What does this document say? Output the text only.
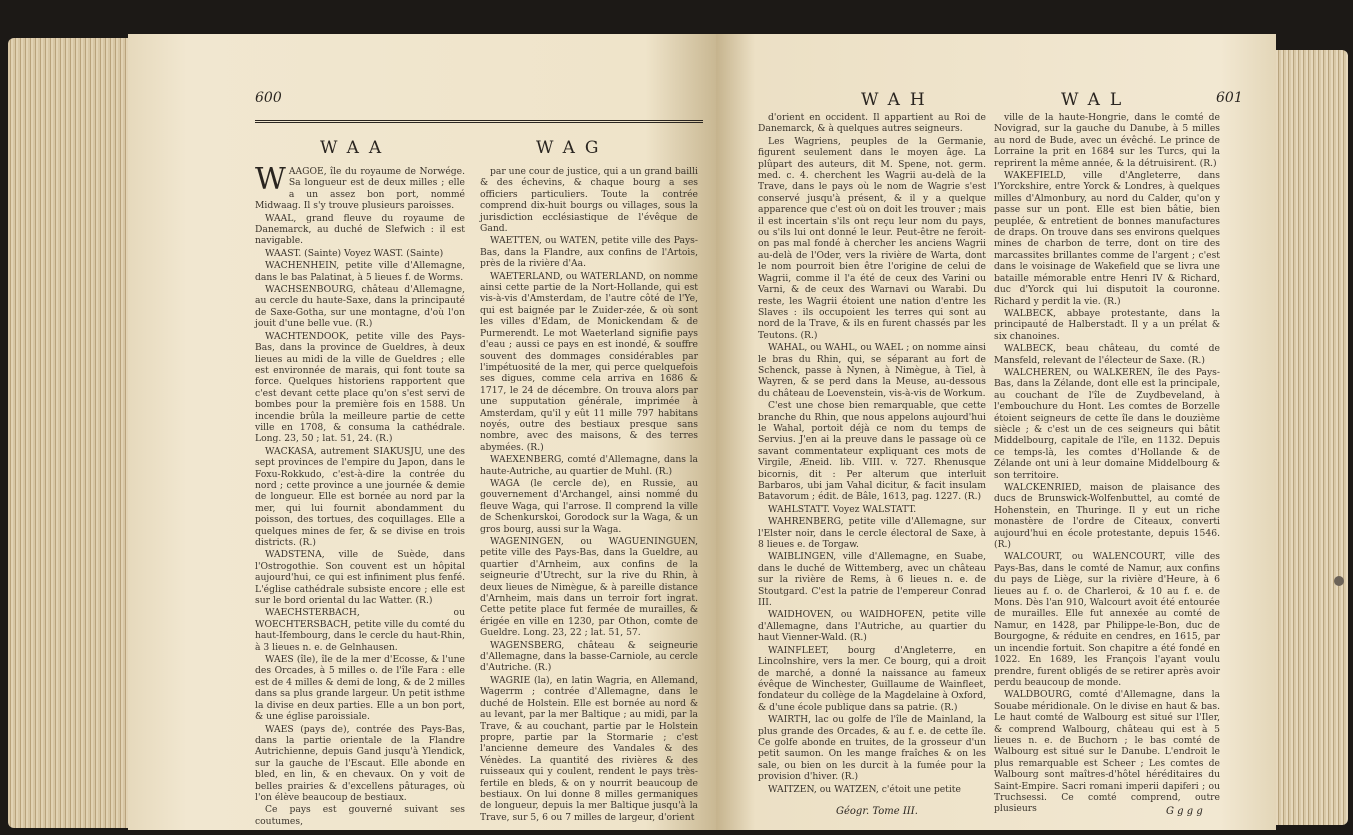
600
WAA	WAG
W AAGOE, île du royaume de Norwége. Sa longueur est de deux milles ; elle a un assez bon port, nommé Midwaag. Il s'y trouve plusieurs paroisses.

WAAL, grand fleuve du royaume de Danemarck, au duché de Slefwich : il est navigable.

WAAST. (Sainte) Voyez WAST. (Sainte)

WACHENHEIN, petite ville d'Allemagne, dans le bas Palatinat, à 5 lieues f. de Worms.

WACHSENBOURG, château d'Allemagne, au cercle du haute-Saxe, dans la principauté de Saxe-Gotha, sur une montagne, d'où l'on jouit d'une belle vue. (R.)

WACHTENDOOK, petite ville des Pays-Bas, dans la province de Gueldres, à deux lieues au midi de la ville de Gueldres ; elle est environnée de marais, qui font toute sa force. Quelques historiens rapportent que c'est devant cette place qu'on s'est servi de bombes pour la première fois en 1588. Un incendie brûla la meilleure partie de cette ville en 1708, & consuma la cathédrale. Long. 23, 50 ; lat. 51, 24. (R.)

WACKASA, autrement SIAKUSJU, une des sept provinces de l'empire du Japon, dans le Foxu-Rokkudo, c'est-à-dire la contrée du nord ; cette province a une journée & demie de longueur. Elle est bornée au nord par la mer, qui lui fournit abondamment du poisson, des tortues, des coquillages. Elle a quelques mines de fer, & se divise en trois districts. (R.)

WADSTENA, ville de Suède, dans l'Ostrogothie. Son couvent est un hôpital aujourd'hui, ce qui est infiniment plus fenfé. L'église cathédrale subsiste encore ; elle est sur le bord oriental du lac Watter. (R.)

WAECHSTERBACH, ou WOECHTERSBACH, petite ville du comté du haut-Ifembourg, dans le cercle du haut-Rhin, à 3 lieues n. e. de Gelnhausen.

WAES (île), île de la mer d'Ecosse, & l'une des Orcades, à 5 milles o. de l'île Fara : elle est de 4 milles & demi de long, & de 2 milles dans sa plus grande largeur. Un petit isthme la divise en deux parties. Elle a un bon port, & une église paroissiale.

WAES (pays de), contrée des Pays-Bas, dans la partie orientale de la Flandre Autrichienne, depuis Gand jusqu'à Ylendick, sur la gauche de l'Escaut. Elle abonde en bled, en lin, & en chevaux. On y voit de belles prairies & d'excellens pâturages, où l'on élève beaucoup de bestiaux.

Ce pays est gouverné suivant ses coutumes,

par une cour de justice, qui a un grand bailli & des échevins, & chaque bourg a ses officiers particuliers. Toute la contrée comprend dix-huit bourgs ou villages, sous la jurisdiction ecclésiastique de l'évêque de Gand.

WAETTEN, ou WATEN, petite ville des Pays-Bas, dans la Flandre, aux confins de l'Artois, près de la rivière d'Aa.

WAETERLAND, ou WATERLAND, on nomme ainsi cette partie de la Nort-Hollande, qui est vis-à-vis d'Amsterdam, de l'autre côté de l'Ye, qui est baignée par le Zuider-zée, & où sont les villes d'Edam, de Monickendam & de Purmerendt. Le mot Waeterland signifie pays d'eau ; aussi ce pays en est inondé, & souffre souvent des dommages considérables par l'impétuosité de la mer, qui perce quelquefois ses digues, comme cela arriva en 1686 & 1717, le 24 de décembre. On trouva alors par une supputation générale, imprimée à Amsterdam, qu'il y eût 11 mille 797 habitans noyés, outre des bestiaux presque sans nombre, avec des maisons, & des terres abymées. (R.)

WAEXENBERG, comté d'Allemagne, dans la haute-Autriche, au quartier de Muhl. (R.)

WAGA (le cercle de), en Russie, au gouvernement d'Archangel, ainsi nommé du fleuve Waga, qui l'arrose. Il comprend la ville de Schenkurskoi, Gorodock sur la Waga, & un gros bourg, aussi sur la Waga.

WAGENINGEN, ou WAGUENINGUEN, petite ville des Pays-Bas, dans la Gueldre, au quartier d'Arnheim, aux confins de la seigneurie d'Utrecht, sur la rive du Rhin, à deux lieues de Nimègue, & à pareille distance d'Arnheim, mais dans un terroir fort ingrat. Cette petite place fut fermée de murailles, & érigée en ville en 1230, par Othon, comte de Gueldre. Long. 23, 22 ; lat. 51, 57.

WAGENSBERG, château & seigneurie d'Allemagne, dans la basse-Carniole, au cercle d'Autriche. (R.)

WAGRIE (la), en latin Wagria, en Allemand, Wagerrm ; contrée d'Allemagne, dans le duché de Holstein. Elle est bornée au nord & au levant, par la mer Baltique ; au midi, par la Trave, & au couchant, partie par le Holstein propre, partie par la Stormarie ; c'est l'ancienne demeure des Vandales & des Vénèdes. La quantité des rivières & des ruisseaux qui y coulent, rendent le pays très-fertile en bleds, & on y nourrit beaucoup de bestiaux. On lui donne 8 milles germaniques de longueur, depuis la mer Baltique jusqu'à la Trave, sur 5, 6 ou 7 milles de largeur, d'orient

WAH	WAL	601

d'orient en occident. Il appartient au Roi de Danemarck, & à quelques autres seigneurs.

Les Wagriens, peuples de la Germanie, figurent seulement dans le moyen âge. La plûpart des auteurs, dit M. Spene, not. germ. med. c. 4. cherchent les Wagrii au-delà de la Trave, dans le pays où le nom de Wagrie s'est conservé jusqu'à présent, & il y a quelque apparence que c'est où on doit les trouver ; mais il est incertain s'ils ont reçu leur nom du pays, ou s'ils lui ont donné le leur. Peut-être ne feroit-on pas mal fondé à chercher les anciens Wagrii au-delà de l'Oder, vers la rivière de Warta, dont le nom pourroit bien être l'origine de celui de Wagrii, comme il l'a été de ceux des Varini ou Varni, & de ceux des Warnavi ou Warabi. Du reste, les Wagrii étoient une nation d'entre les Slaves : ils occupoient les terres qui sont au nord de la Trave, & ils en furent chassés par les Teutons. (R.)

WAHAL, ou WAHL, ou WAEL ; on nomme ainsi le bras du Rhin, qui, se séparant au fort de Schenck, passe à Nynen, à Nimègue, à Tiel, à Wayren, & se perd dans la Meuse, au-dessous du château de Loevenstein, vis-à-vis de Workum.

C'est une chose bien remarquable, que cette branche du Rhin, que nous appelons aujourd'hui le Wahal, portoit déjà ce nom du temps de Servius. J'en ai la preuve dans le passage où ce savant commentateur expliquant ces mots de Virgile, Æneid. lib. VIII. v. 727. Rhenusque bicornis, dit : Per alterum que interluit Barbaros, ubi jam Vahal dicitur, & facit insulam Batavorum ; édit. de Bâle, 1613, pag. 1227. (R.)

WAHLSTATT. Voyez WALSTATT.

WAHRENBERG, petite ville d'Allemagne, sur l'Elster noir, dans le cercle électoral de Saxe, à 8 lieues e. de Torgaw.

WAIBLINGEN, ville d'Allemagne, en Suabe, dans le duché de Wittemberg, avec un château sur la rivière de Rems, à 6 lieues n. e. de Stoutgard. C'est la patrie de l'empereur Conrad III.

WAIDHOVEN, ou WAIDHOFEN, petite ville d'Allemagne, dans l'Autriche, au quartier du haut Vienner-Wald. (R.)

WAINFLEET, bourg d'Angleterre, en Lincolnshire, vers la mer. Ce bourg, qui a droit de marché, a donné la naissance au fameux évêque de Winchester, Guillaume de Wainfleet, fondateur du collège de la Magdelaine à Oxford, & d'une école publique dans sa patrie. (R.)

WAIRTH, lac ou golfe de l'île de Mainland, la plus grande des Orcades, & au f. e. de cette île. Ce golfe abonde en truites, de la grosseur d'un petit saumon. On les mange fraîches & on les sale, ou bien on les durcit à la fumée pour la provision d'hiver. (R.)

WAITZEN, ou WATZEN, c'étoit une petite

ville de la haute-Hongrie, dans le comté de Novigrad, sur la gauche du Danube, à 5 milles au nord de Bude, avec un évêché. Le prince de Lorraine la prit en 1684 sur les Turcs, qui la reprirent la même année, & la détruisirent. (R.)

WAKEFIELD, ville d'Angleterre, dans l'Yorckshire, entre Yorck & Londres, à quelques milles d'Almonbury, au nord du Calder, qu'on y passe sur un pont. Elle est bien bâtie, bien peuplée, & entretient de bonnes manufactures de draps. On trouve dans ses environs quelques mines de charbon de terre, dont on tire des marcassites brillantes comme de l'argent ; c'est dans le voisinage de Wakefield que se livra une bataille mémorable entre Henri IV & Richard, duc d'Yorck qui lui disputoit la couronne. Richard y perdit la vie. (R.)

WALBECK, abbaye protestante, dans la principauté de Halberstadt. Il y a un prélat & six chanoines.

WALBECK, beau château, du comté de Mansfeld, relevant de l'électeur de Saxe. (R.)

WALCHEREN, ou WALKEREN, île des Pays-Bas, dans la Zélande, dont elle est la principale, au couchant de l'île de Zuydbeveland, à l'embouchure du Hont. Les comtes de Borzelle étoient seigneurs de cette île dans le douzième siècle ; & c'est un de ces seigneurs qui bâtit Middelbourg, capitale de l'île, en 1132. Depuis ce temps-là, les comtes d'Hollande & de Zélande ont uni à leur domaine Middelbourg & son territoire.

WALCKENRIED, maison de plaisance des ducs de Brunswick-Wolfenbuttel, au comté de Hohenstein, en Thuringe. Il y eut un riche monastère de l'ordre de Citeaux, converti aujourd'hui en école protestante, depuis 1546. (R.)

WALCOURT, ou WALENCOURT, ville des Pays-Bas, dans le comté de Namur, aux confins du pays de Liège, sur la rivière d'Heure, à 6 lieues au f. o. de Charleroi, & 10 au f. e. de Mons. Dès l'an 910, Walcourt avoit été entourée de murailles. Elle fut annexée au comté de Namur, en 1428, par Philippe-le-Bon, duc de Bourgogne, & réduite en cendres, en 1615, par un incendie fortuit. Son chapitre a été fondé en 1022. En 1689, les François l'ayant voulu prendre, furent obligés de se retirer après avoir perdu beaucoup de monde.

WALDBOURG, comté d'Allemagne, dans la Souabe méridionale. On le divise en haut & bas. Le haut comté de Walbourg est situé sur l'Iler, & comprend Walbourg, château qui est à 5 lieues n. e. de Buchorn ; le bas comté de Walbourg est situé sur le Danube. L'endroit le plus remarquable est Scheer ; Les comtes de Walbourg sont maîtres-d'hôtel héréditaires du Saint-Empire. Sacri romani imperii dapiferi ; ou Truchsessi. Ce comté comprend, outre plusieurs

Géogr. Tome III.	G g g g
